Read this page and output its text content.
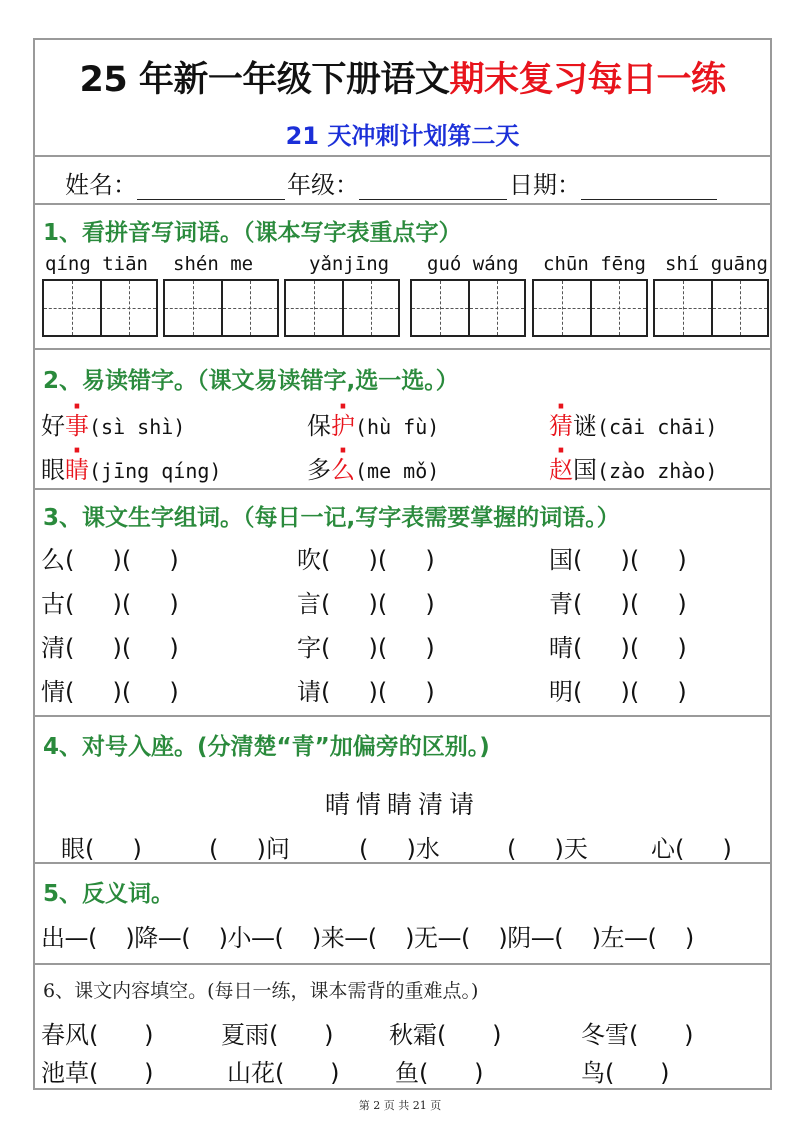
25 年新一年级下册语文期末复习每日一练
21 天冲刺计划第二天
姓名：	年级：	日期：
1、看拼音写词语。（课本写字表重点字）
qíng tiān shén me	yǎnjīng guó wáng chūn fēng shí guāng
2、易读错字。（课文易读错字,选一选。）
好事(sì shì)	保护(hù fù)	猜谜(cāi chāi)
眼睛(jīng qíng)	多么(me mǒ)	赵国(zào zhào)
3、课文生字组词。（每日一记,写字表需要掌握的词语。）
么(     )(     )	吹(     )(     )	国(     )(     )
古(     )(     )	言(     )(     )	青(     )(     )
清(     )(     )	字(     )(     )	晴(     )(     )
情(     )(     )	请(     )(     )	明(     )(     )
4、对号入座。(分清楚“青”加偏旁的区别。)
晴情睛清请
眼(     )	(     )问	(     )水	(     )天	心(     )
5、反义词。
出—(    )降—(    )小—(    )来—(    )无—(    )阴—(    )左—(    )
6、课文内容填空。(每日一练，课本需背的重难点。)
春风(      )	夏雨(      ) 秋霜(      )	冬雪(      )
池草(      )	山花(      ) 鱼(      )	鸟(      )
第 2 页 共 21 页
